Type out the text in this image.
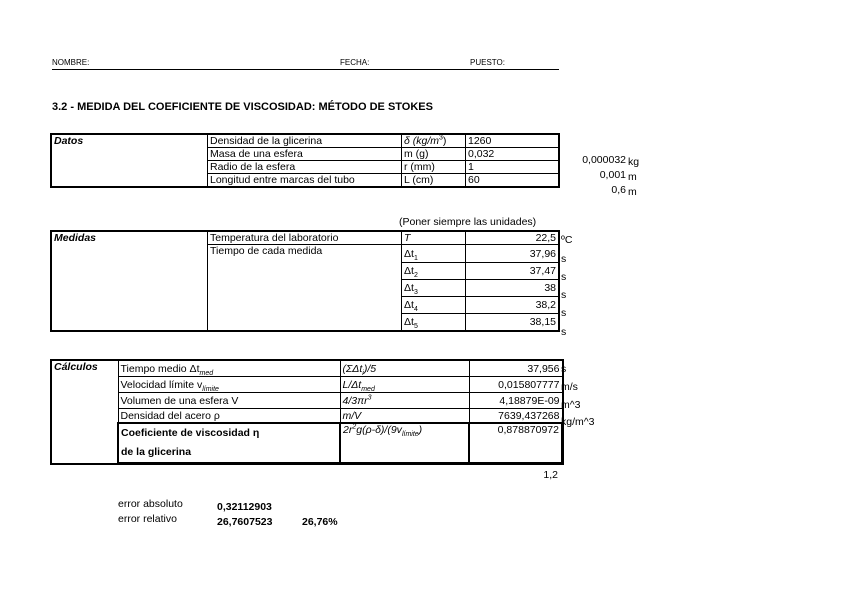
NOMBRE:	FECHA:	PUESTO:
3.2 - MEDIDA DEL COEFICIENTE DE VISCOSIDAD: MÉTODO DE STOKES
Datos	Densidad de la glicerina	δ $(kg/m^3)$	1260
	Masa de una esfera	m (g)	0,032
	Radio de la esfera	r (mm)	1
	Longitud entre marcas del tubo	L (cm)	60
0,000032 kg
0,001 m
0,6 m
(Poner siempre las unidades)
Medidas	Temperatura del laboratorio	T	22,5
	Tiempo de cada medida	$\Delta t_1$	37,96
		$\Delta t_2$	37,47
		$\Delta t_3$	38
		$\Delta t_4$	38,2
		$\Delta t_5$	38,15
ºC
s
s
s
s
s
Cálculos	Tiempo medio $\Delta t_{med}$	(ΣΔt$_i$)/5	37,956
	Velocidad límite $v_{límite}$	$L/\Delta t_{med}$	0,015807777
	Volumen de una esfera V	$4/3\pi r^3$	4,18879E-09
	Densidad del acero ρ	m/V	7639,437268
	Coeficiente de viscosidad η
de la glicerina	$2r^2g(\rho-\delta)/(9v_{límite})$	0,878870972

s
m/s
m^3
kg/m^3
1,2
error absoluto	0,32112903
error relativo	26,7607523	26,76%
